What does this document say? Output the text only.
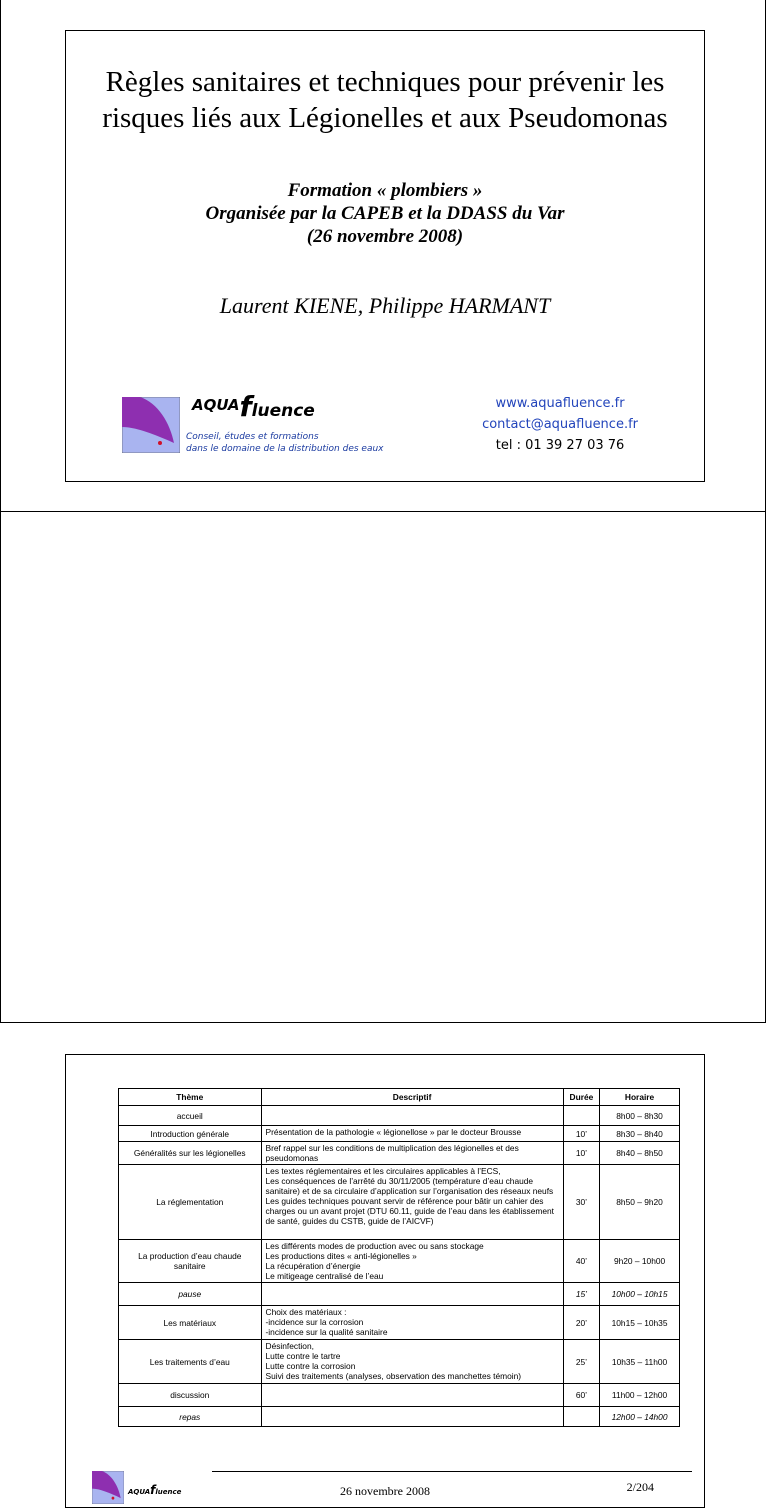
Règles sanitaires et techniques pour prévenir les
risques liés aux Légionelles et aux Pseudomonas
Formation « plombiers »
Organisée par la CAPEB et la DDASS du Var
(26 novembre 2008)
Laurent KIENE, Philippe HARMANT
AQUAfluence
Conseil, études et formations
dans le domaine de la distribution des eaux
www.aquafluence.fr
contact@aquafluence.fr
tel : 01 39 27 03 76
Thème	Descriptif	Durée	Horaire
accueil			8h00 – 8h30
Introduction générale	Présentation de la pathologie « légionellose » par le docteur Brousse	10’	8h30 – 8h40
Généralités sur les légionelles	Bref rappel sur les conditions de multiplication des légionelles et des pseudomonas	10’	8h40 – 8h50
La réglementation	Les textes réglementaires et les circulaires applicables à l’ECS,
Les conséquences de l’arrêté du 30/11/2005 (température d’eau chaude sanitaire) et de sa circulaire d’application sur l’organisation des réseaux neufs
Les guides techniques pouvant servir de référence pour bâtir un cahier des charges ou un avant projet (DTU 60.11, guide de l’eau dans les établissement de santé, guides du CSTB, guide de l’AICVF)	30’	8h50 – 9h20
La production d’eau chaude sanitaire	Les différents modes de production avec ou sans stockage
Les productions dites « anti-légionelles »
La récupération d’énergie
Le mitigeage centralisé de l’eau	40’	9h20 – 10h00
pause		15’	10h00 – 10h15
Les matériaux	Choix des matériaux :
-incidence sur la corrosion
-incidence sur la qualité sanitaire	20’	10h15 – 10h35
Les traitements d’eau	Désinfection,
Lutte contre le tartre
Lutte contre la corrosion
Suivi des traitements (analyses, observation des manchettes témoin)	25’	10h35 – 11h00
discussion		60’	11h00 – 12h00
repas			12h00 – 14h00
AQUAfluence	26 novembre 2008	2/204
